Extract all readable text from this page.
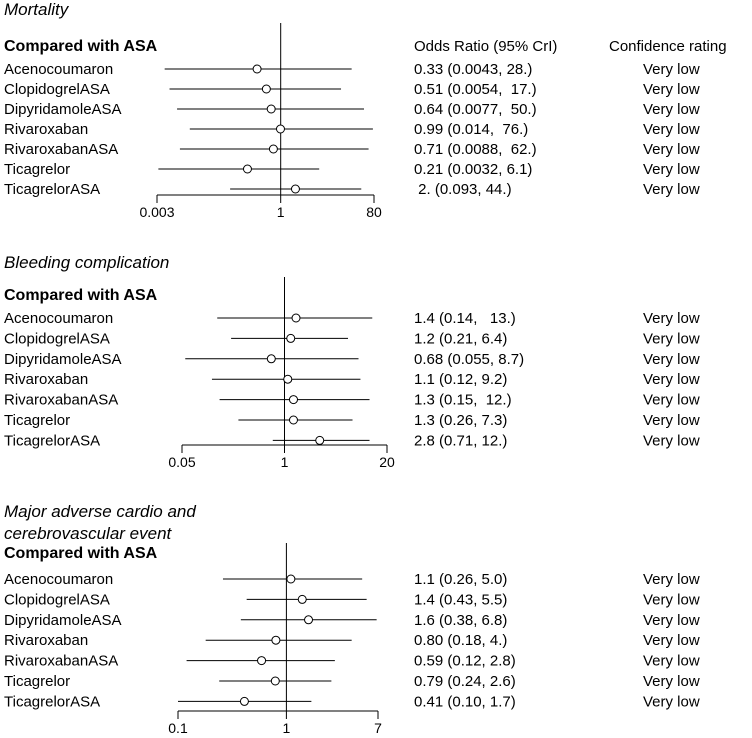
Odds Ratio (95% CrI)	Confidence rating
Mortality
Compared with ASA
0.003	1	80
Acenocoumaron	0.33 (0.0043, 28.)	Very low
ClopidogrelASA	0.51 (0.0054,  17.)	Very low
DipyridamoleASA	0.64 (0.0077,  50.)	Very low
Rivaroxaban	0.99 (0.014,  76.)	Very low
RivaroxabanASA	0.71 (0.0088,  62.)	Very low
Ticagrelor	0.21 (0.0032, 6.1)	Very low
TicagrelorASA	2. (0.093, 44.)	Very low
Bleeding complication
Compared with ASA
0.05	1	20
Acenocoumaron	1.4 (0.14,   13.)	Very low
ClopidogrelASA	1.2 (0.21, 6.4)	Very low
DipyridamoleASA	0.68 (0.055, 8.7)	Very low
Rivaroxaban	1.1 (0.12, 9.2)	Very low
RivaroxabanASA	1.3 (0.15,  12.)	Very low
Ticagrelor	1.3 (0.26, 7.3)	Very low
TicagrelorASA	2.8 (0.71, 12.)	Very low
Major adverse cardio and
cerebrovascular event
Compared with ASA
0.1	1	7
Acenocoumaron	1.1 (0.26, 5.0)	Very low
ClopidogrelASA	1.4 (0.43, 5.5)	Very low
DipyridamoleASA	1.6 (0.38, 6.8)	Very low
Rivaroxaban	0.80 (0.18, 4.)	Very low
RivaroxabanASA	0.59 (0.12, 2.8)	Very low
Ticagrelor	0.79 (0.24, 2.6)	Very low
TicagrelorASA	0.41 (0.10, 1.7)	Very low
